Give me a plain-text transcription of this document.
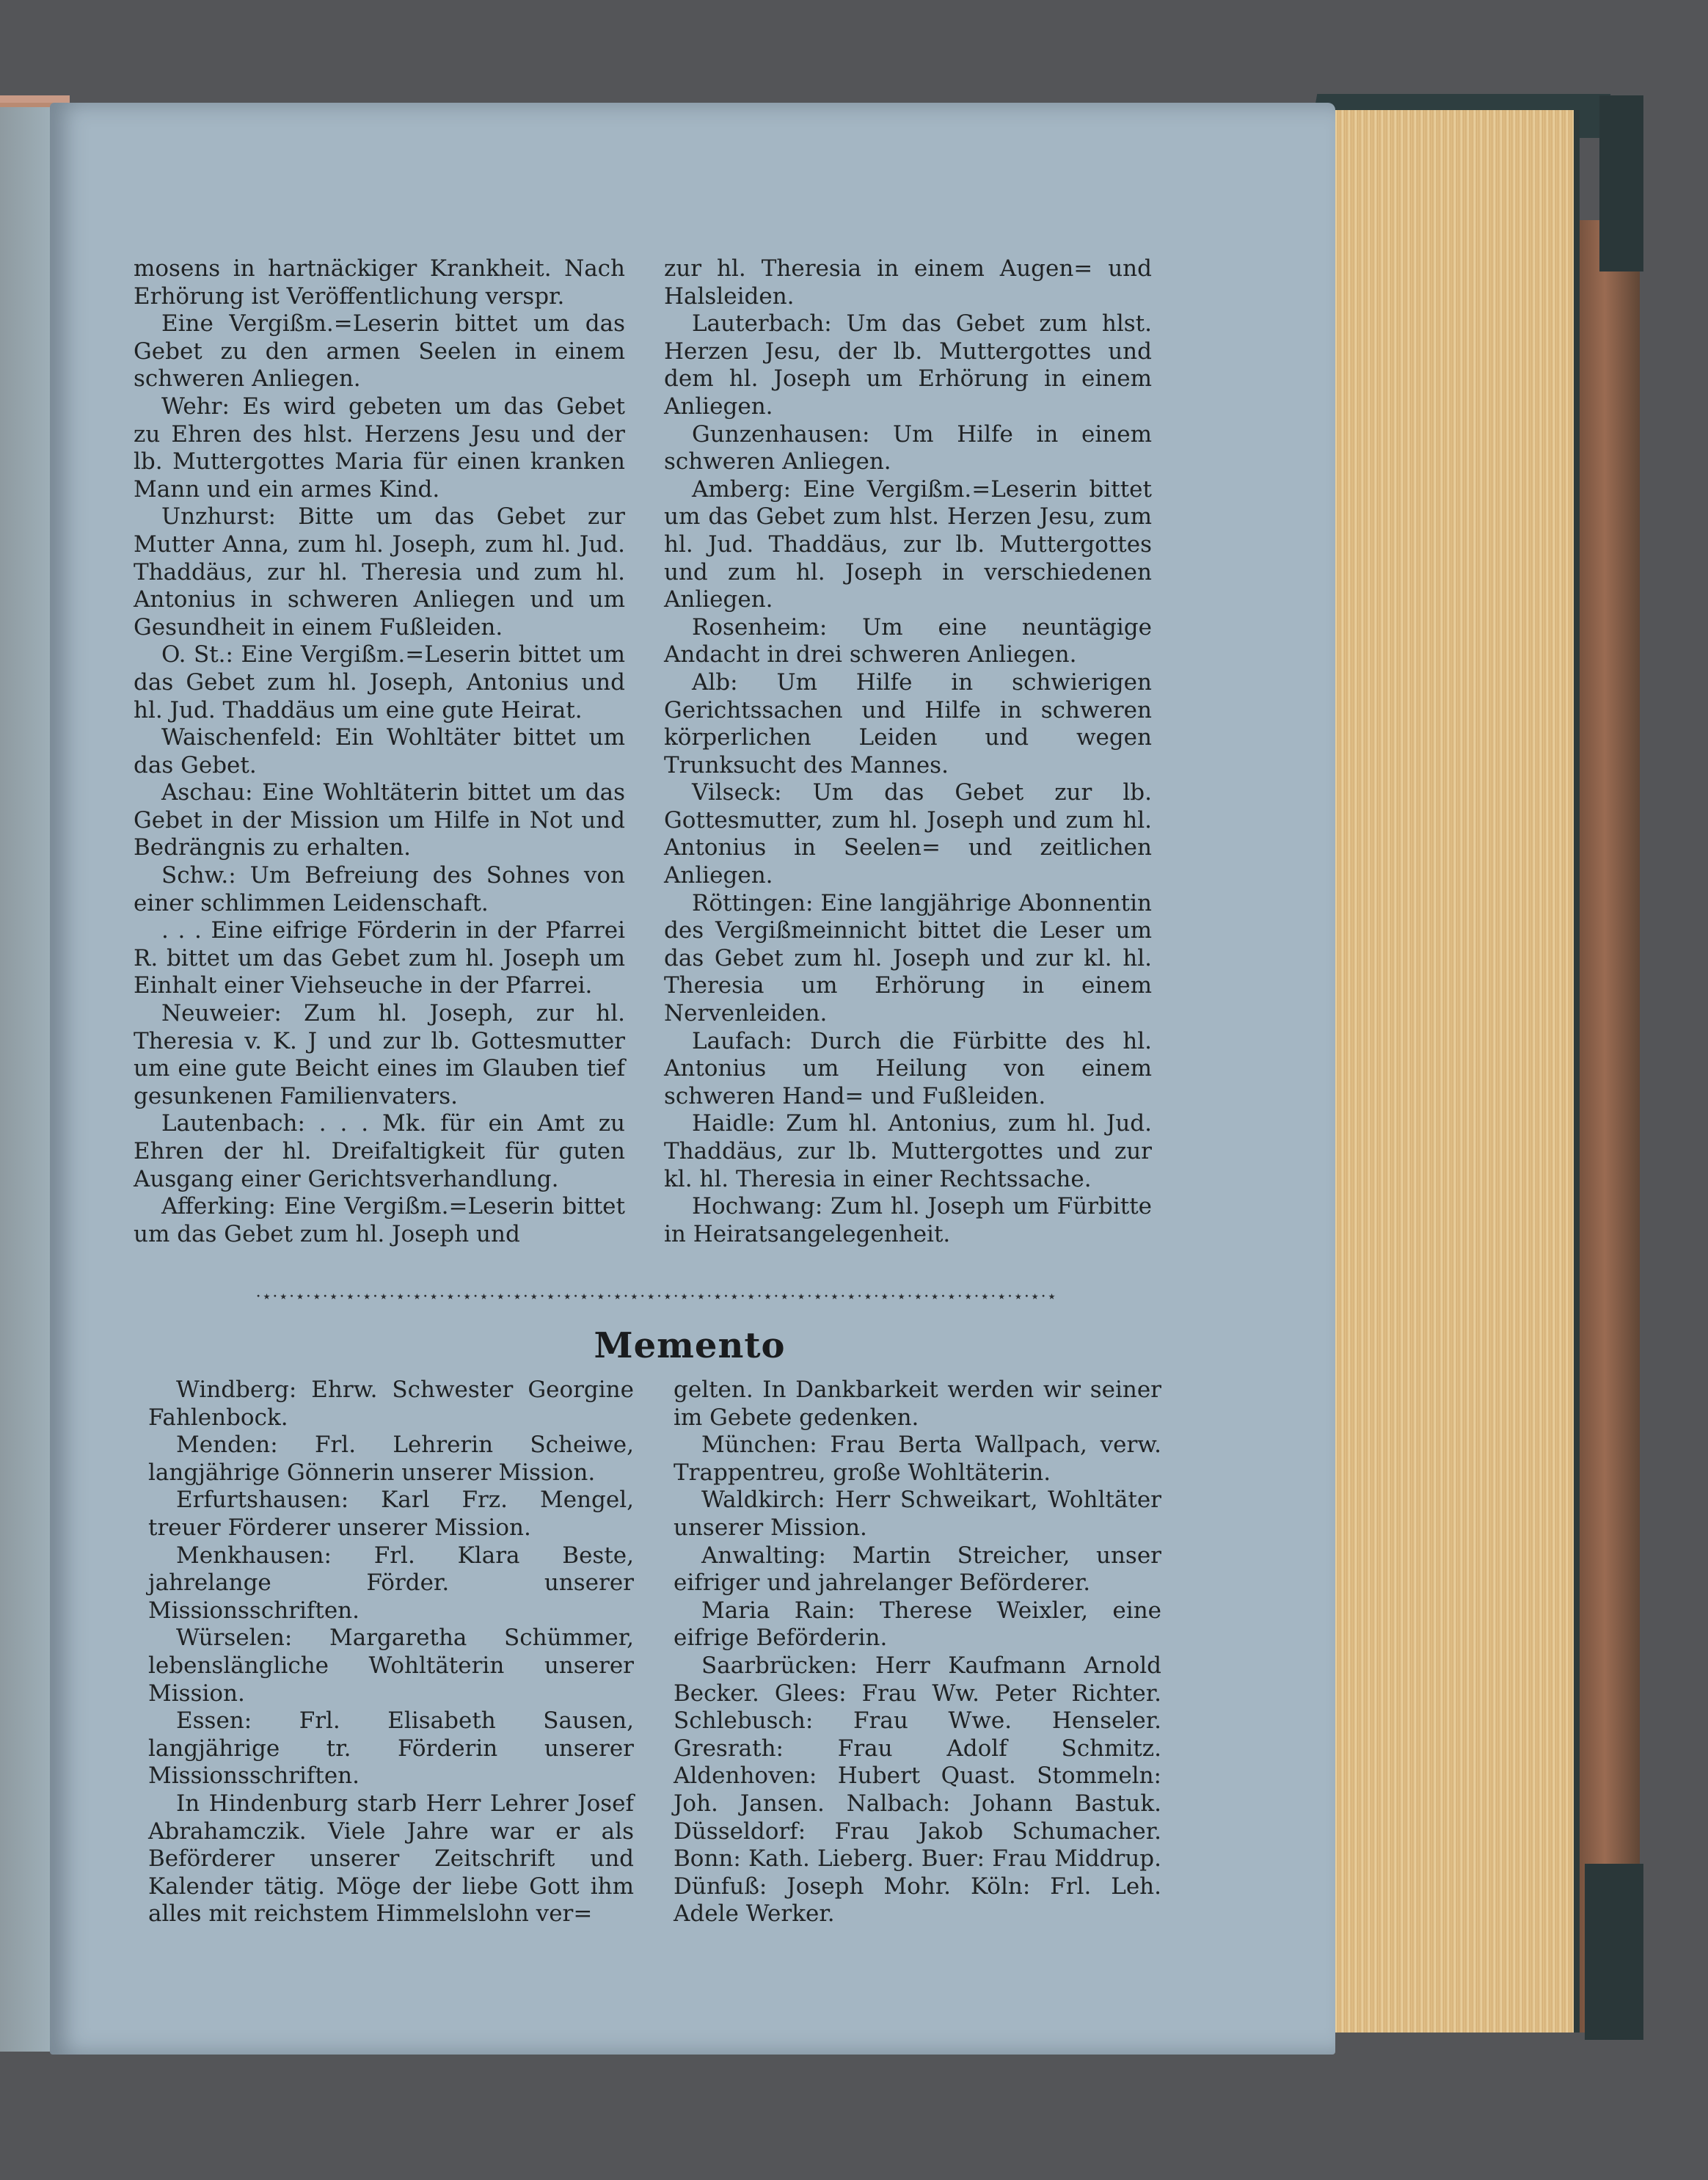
mosens in hartnäckiger Krankheit. Nach Erhörung ist Veröffentlichung verspr.

Eine Vergißm.=Leserin bittet um das Gebet zu den armen Seelen in einem schweren Anliegen.

Wehr: Es wird gebeten um das Gebet zu Ehren des hlst. Herzens Jesu und der lb. Muttergottes Maria für einen kranken Mann und ein armes Kind.

Unzhurst: Bitte um das Gebet zur Mutter Anna, zum hl. Joseph, zum hl. Jud. Thaddäus, zur hl. Theresia und zum hl. Antonius in schweren Anliegen und um Gesundheit in einem Fußleiden.

O. St.: Eine Vergißm.=Leserin bittet um das Gebet zum hl. Joseph, Antonius und hl. Jud. Thaddäus um eine gute Heirat.

Waischenfeld: Ein Wohltäter bittet um das Gebet.

Aschau: Eine Wohltäterin bittet um das Gebet in der Mission um Hilfe in Not und Bedrängnis zu erhalten.

Schw.: Um Befreiung des Sohnes von einer schlimmen Leidenschaft.

. . . Eine eifrige Förderin in der Pfarrei R. bittet um das Gebet zum hl. Joseph um Einhalt einer Viehseuche in der Pfarrei.

Neuweier: Zum hl. Joseph, zur hl. Theresia v. K. J und zur lb. Gottesmutter um eine gute Beicht eines im Glauben tief gesunkenen Familienvaters.

Lautenbach: . . . Mk. für ein Amt zu Ehren der hl. Dreifaltigkeit für guten Ausgang einer Gerichtsverhandlung.

Afferking: Eine Vergißm.=Leserin bittet um das Gebet zum hl. Joseph und

zur hl. Theresia in einem Augen= und Halsleiden.

Lauterbach: Um das Gebet zum hlst. Herzen Jesu, der lb. Muttergottes und dem hl. Joseph um Erhörung in einem Anliegen.

Gunzenhausen: Um Hilfe in einem schweren Anliegen.

Amberg: Eine Vergißm.=Leserin bittet um das Gebet zum hlst. Herzen Jesu, zum hl. Jud. Thaddäus, zur lb. Muttergottes und zum hl. Joseph in verschiedenen Anliegen.

Rosenheim: Um eine neuntägige Andacht in drei schweren Anliegen.

Alb: Um Hilfe in schwierigen Gerichtssachen und Hilfe in schweren körperlichen Leiden und wegen Trunksucht des Mannes.

Vilseck: Um das Gebet zur lb. Gottesmutter, zum hl. Joseph und zum hl. Antonius in Seelen= und zeitlichen Anliegen.

Röttingen: Eine langjährige Abonnentin des Vergißmeinnicht bittet die Leser um das Gebet zum hl. Joseph und zur kl. hl. Theresia um Erhörung in einem Nervenleiden.

Laufach: Durch die Fürbitte des hl. Antonius um Heilung von einem schweren Hand= und Fußleiden.

Haidle: Zum hl. Antonius, zum hl. Jud. Thaddäus, zur lb. Muttergottes und zur kl. hl. Theresia in einer Rechtssache.

Hochwang: Zum hl. Joseph um Fürbitte in Heiratsangelegenheit.

·⋆·⋆·⋆·⋆·⋆·⋆·⋆·⋆·⋆·⋆·⋆·⋆·⋆·⋆·⋆·⋆·⋆·⋆·⋆·⋆·⋆·⋆·⋆·⋆·⋆·⋆·⋆·⋆·⋆·⋆·⋆·⋆·⋆·⋆·⋆·⋆·⋆·⋆·⋆·⋆·⋆·⋆·⋆·⋆·⋆·⋆·⋆·⋆
Memento

Windberg: Ehrw. Schwester Georgine Fahlenbock.

Menden: Frl. Lehrerin Scheiwe, langjährige Gönnerin unserer Mission.

Erfurtshausen: Karl Frz. Mengel, treuer Förderer unserer Mission.

Menkhausen: Frl. Klara Beste, jahrelange Förder. unserer Missionsschriften.

Würselen: Margaretha Schümmer, lebenslängliche Wohltäterin unserer Mission.

Essen: Frl. Elisabeth Sausen, langjährige tr. Förderin unserer Missionsschriften.

In Hindenburg starb Herr Lehrer Josef Abrahamczik. Viele Jahre war er als Beförderer unserer Zeitschrift und Kalender tätig. Möge der liebe Gott ihm alles mit reichstem Himmelslohn ver=

gelten. In Dankbarkeit werden wir seiner im Gebete gedenken.

München: Frau Berta Wallpach, verw. Trappentreu, große Wohltäterin.

Waldkirch: Herr Schweikart, Wohltäter unserer Mission.

Anwalting: Martin Streicher, unser eifriger und jahrelanger Beförderer.

Maria Rain: Therese Weixler, eine eifrige Beförderin.

Saarbrücken: Herr Kaufmann Arnold Becker. Glees: Frau Ww. Peter Richter. Schlebusch: Frau Wwe. Henseler. Gresrath: Frau Adolf Schmitz. Aldenhoven: Hubert Quast. Stommeln: Joh. Jansen. Nalbach: Johann Bastuk. Düsseldorf: Frau Jakob Schumacher. Bonn: Kath. Lieberg. Buer: Frau Middrup. Dünfuß: Joseph Mohr. Köln: Frl. Leh. Adele Werker.
